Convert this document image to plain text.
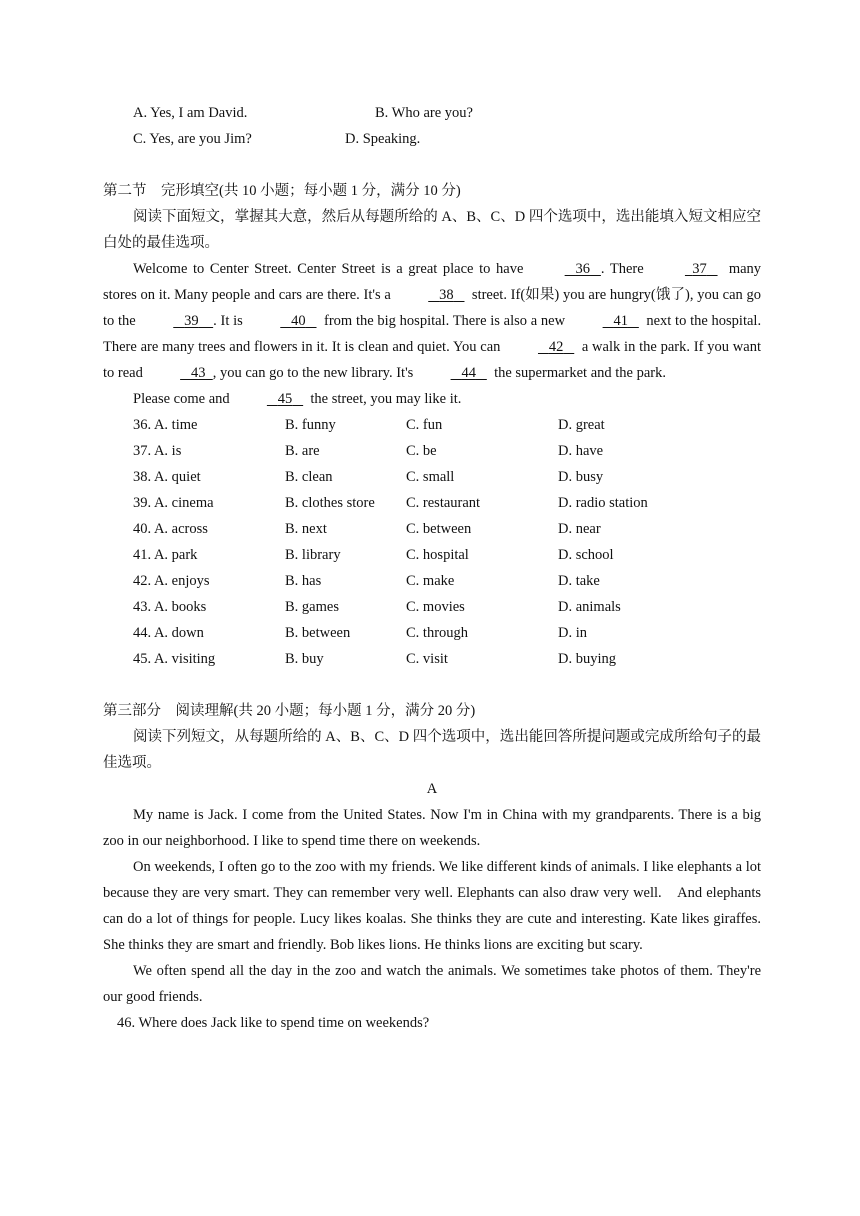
A. Yes, I am David.	B. Who are you?
C. Yes, are you Jim?	D. Speaking.
第二节　完形填空(共 10 小题；每小题 1 分，满分 10 分)

阅读下面短文，掌握其大意，然后从每题所给的 A、B、C、D 四个选项中，选出能填入短文相应空白处的最佳选项。

Welcome to Center Street. Center Street is a great place to have	36 . There	37 many stores on it. Many people and cars are there. It's a	38 street. If(如果) you are hungry(饿了), you can go to the	39 . It is	40 from the big hospital. There is also a new	41 next to the hospital. There are many trees and flowers in it. It is clean and quiet. You can	42 a walk in the park. If you want to read	43 , you can go to the new library. It's	44 the supermarket and the park.

Please come and	45 the street, you may like it.

36. A. time	B. funny	C. fun	D. great
37. A. is	B. are	C. be	D. have
38. A. quiet	B. clean	C. small	D. busy
39. A. cinema	B. clothes store C. restaurant	D. radio station
40. A. across	B. next	C. between	D. near
41. A. park	B. library	C. hospital	D. school
42. A. enjoys	B. has	C. make	D. take
43. A. books	B. games	C. movies	D. animals
44. A. down	B. between	C. through	D. in
45. A. visiting	B. buy	C. visit	D. buying
第三部分　阅读理解(共 20 小题；每小题 1 分，满分 20 分)

阅读下列短文，从每题所给的 A、B、C、D 四个选项中，选出能回答所提问题或完成所给句子的最佳选项。

A

My name is Jack. I come from the United States. Now I'm in China with my grandparents. There is a big zoo in our neighborhood. I like to spend time there on weekends.

On weekends, I often go to the zoo with my friends. We like different kinds of animals. I like elephants a lot because they are very smart. They can remember very well. Elephants can also draw very well.　And elephants can do a lot of things for people. Lucy likes koalas. She thinks they are cute and interesting. Kate likes giraffes. She thinks they are smart and friendly. Bob likes lions. He thinks lions are exciting but scary.

We often spend all the day in the zoo and watch the animals. We sometimes take photos of them. They're our good friends.

46. Where does Jack like to spend time on weekends?
